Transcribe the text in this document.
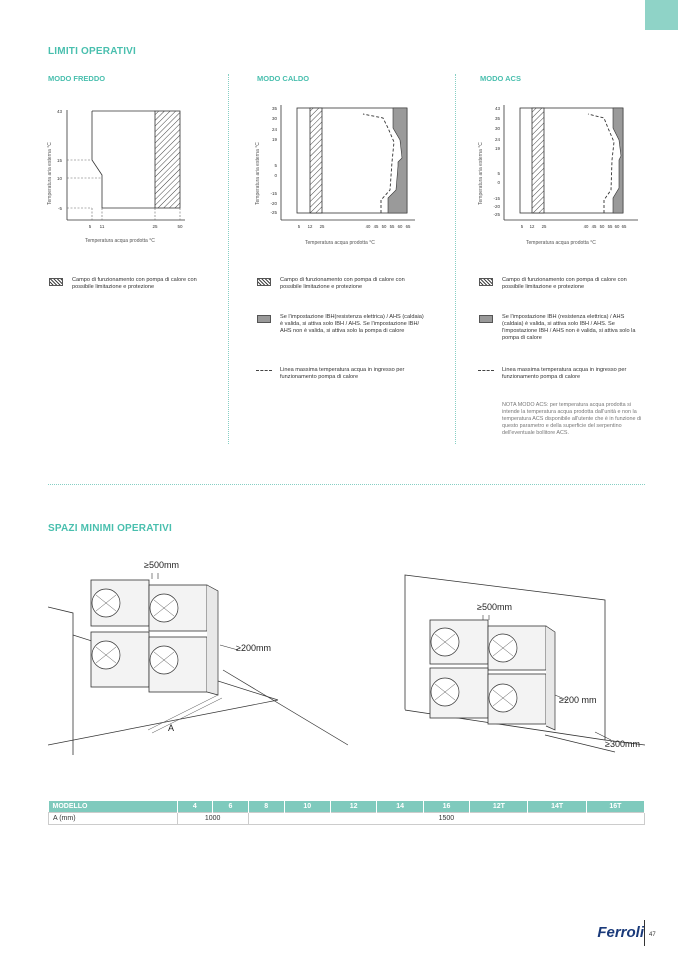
LIMITI OPERATIVI
MODO FREDDO	MODO CALDO	MODO ACS
Temperatura aria esterna °C
43
15
10
-5
5 11	25	50
Temperatura acqua prodotta °C
Temperatura aria esterna °C
35
30
24
19
5
0
-15
-20
-25
5 12 25	40 45 50 55 60 65
Temperatura acqua prodotta °C
Temperatura aria esterna °C
43
35
30
24
19
5
0
-15
-20
-25
5 12 25	40 45 50 55 60 65
Temperatura acqua prodotta °C
Campo di funzionamento con pompa di calore con possibile limitazione e protezione
Campo di funzionamento con pompa di calore con possibile limitazione e protezione
Se l'impostazione IBH(resistenza elettrica) / AHS (caldaia) è valida, si attiva solo IBH / AHS. Se l'impostazione IBH/ AHS non è valida, si attiva solo la pompa di calore
Linea massima temperatura acqua in ingresso per funzionamento pompa di calore
Campo di funzionamento con pompa di calore con possibile limitazione e protezione
Se l'impostazione IBH (resistenza elettrica) / AHS (caldaia) è valida, si attiva solo IBH / AHS. Se l'impostazione IBH / AHS non è valida, si attiva solo la pompa di calore
Linea massima temperatura acqua in ingresso per funzionamento pompa di calore
NOTA MODO ACS: per temperatura acqua prodotta si intende la temperatura acqua prodotta dall'unità e non la temperatura ACS disponibile all'utente che è in funzione di questo parametro e della superficie del serpentino dell'eventuale bollitore ACS.
SPAZI MINIMI OPERATIVI
≥500mm
≥200mm
A
≥500mm
≥200 mm
≥300mm
MODELLO	4	6	8	10	12	14	16	12T	14T	16T
A (mm)	1000		1500							
Ferroli 47
